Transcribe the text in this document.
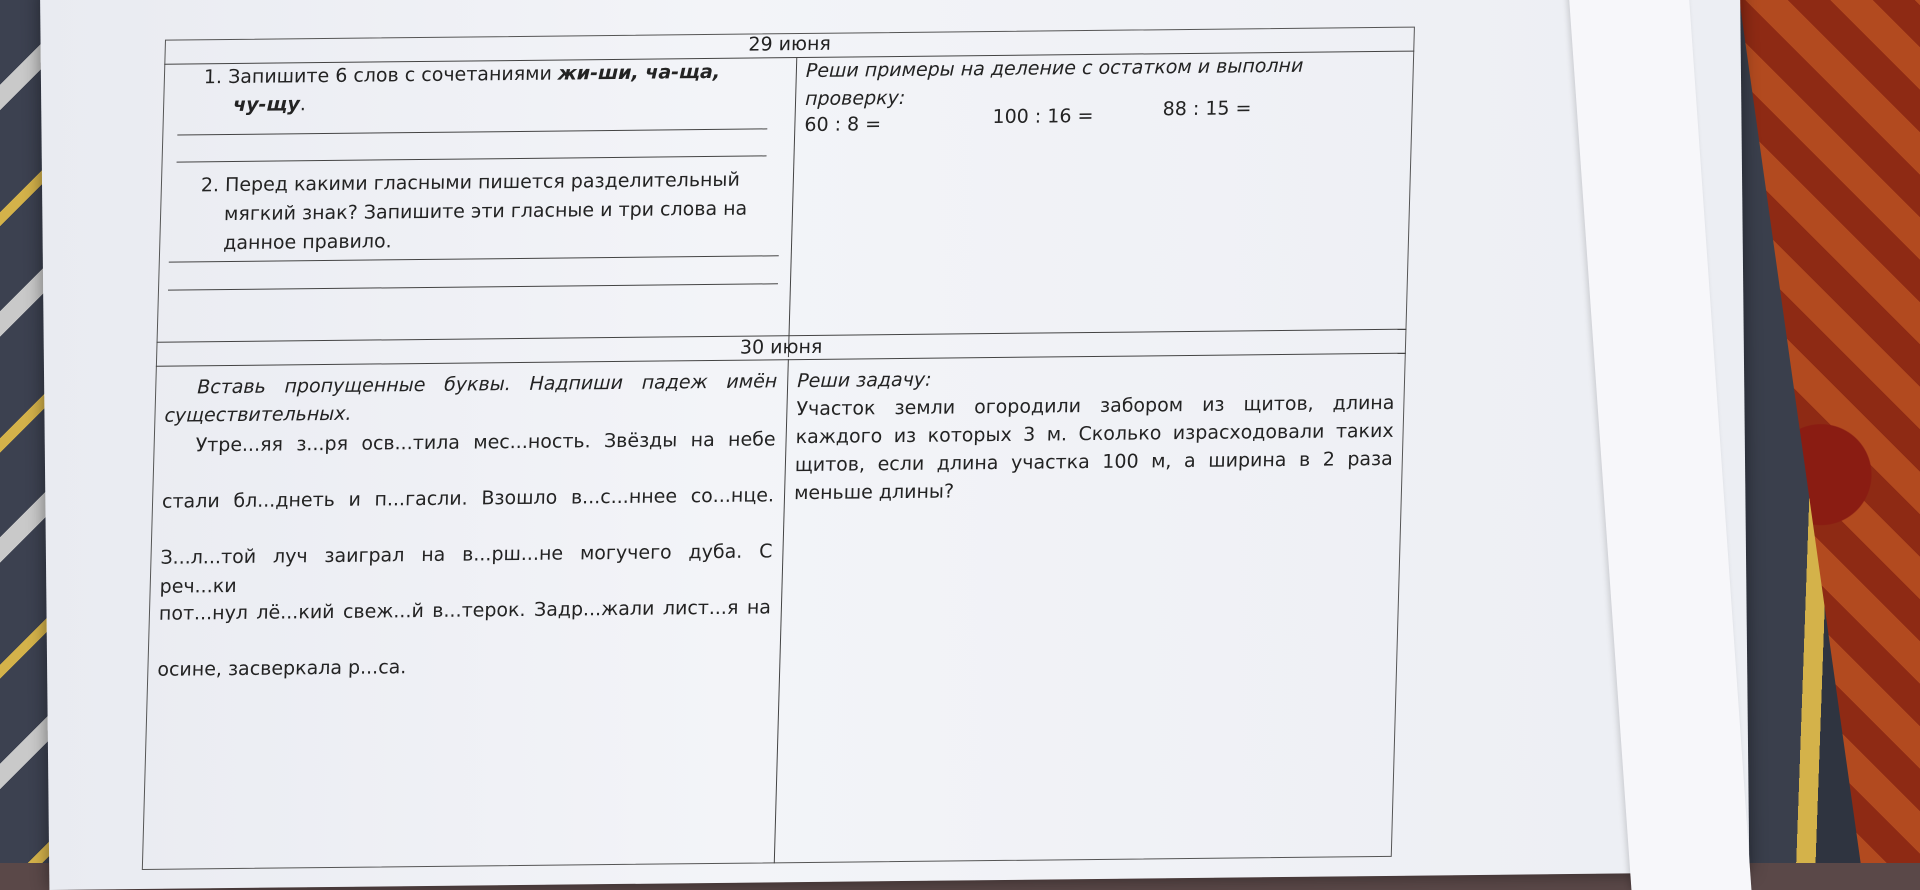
29 июня
30 июня
1. Запишите 6 слов с сочетаниями жи-ши, ча-ща,
чу-щу.
2. Перед какими гласными пишется разделительный
мягкий знак? Запишите эти гласные и три слова на
данное правило.
Реши примеры на деление с остатком и выполни
проверку:
60 : 8 =	100 : 16 =	88 : 15 =
Вставь пропущенные буквы. Надпиши падеж имён
существительных.
Утре...яя з...ря осв...тила мес...ность. Звёзды на небе
стали бл...днеть и п...гасли. Взошло в...с...ннее со...нце.
З...л...той луч заиграл на в...рш...не могучего дуба. С реч...ки
пот...нул лё...кий свеж...й в...терок. Задр...жали лист...я на
осине, засверкала р...са.
Реши задачу:
Участок земли огородили забором из щитов, длина
каждого из которых 3 м. Сколько израсходовали таких
щитов, если длина участка 100 м, а ширина в 2 раза
меньше длины?
